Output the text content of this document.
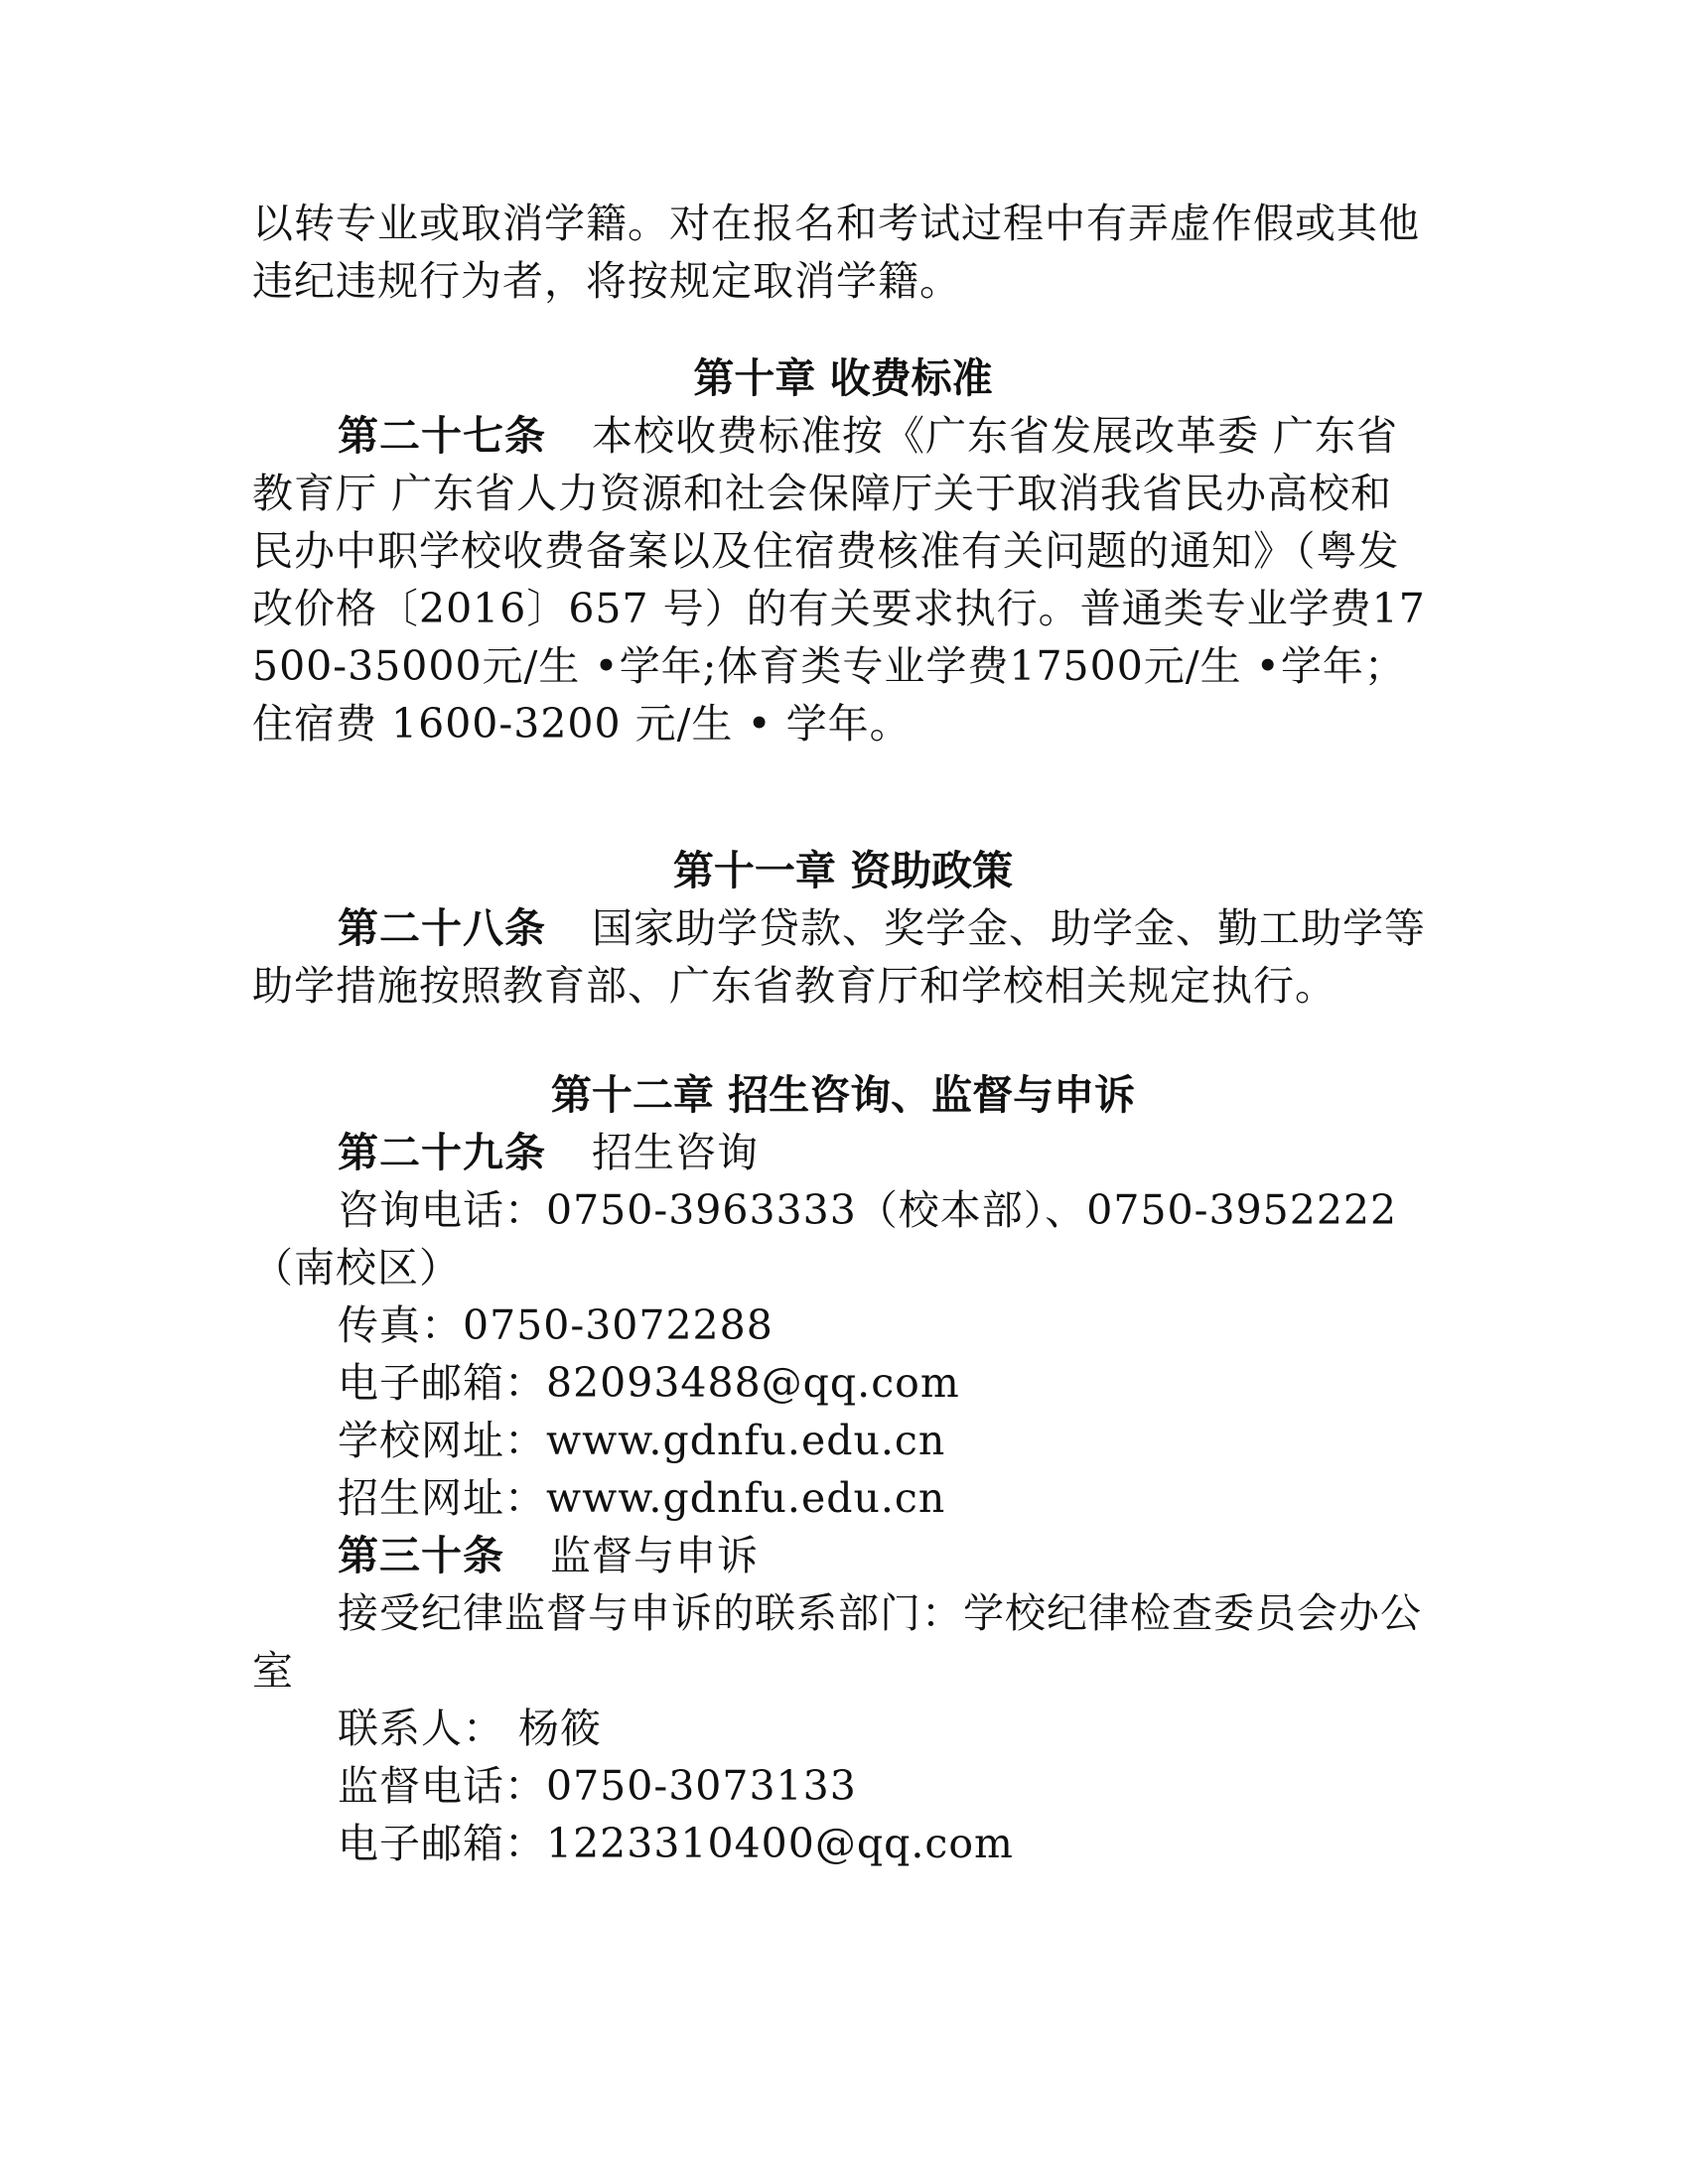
以转专业或取消学籍。对在报名和考试过程中有弄虚作假或其他违纪违规行为者，将按规定取消学籍。

第十章 收费标准

第二十七条 本校收费标准按《广东省发展改革委 广东省教育厅 广东省人力资源和社会保障厅关于取消我省民办高校和民办中职学校收费备案以及住宿费核准有关问题的通知》（粤发改价格〔2016〕657 号）的有关要求执行。普通类专业学费17500-35000元/生 •学年;体育类专业学费17500元/生 •学年；住宿费 1600-3200 元/生 • 学年。

第十一章 资助政策

第二十八条 国家助学贷款、奖学金、助学金、勤工助学等助学措施按照教育部、广东省教育厅和学校相关规定执行。

第十二章 招生咨询、监督与申诉

第二十九条 招生咨询

咨询电话：0750-3963333（校本部）、0750-3952222（南校区）

传真：0750-3072288

电子邮箱：82093488@qq.com

学校网址：www.gdnfu.edu.cn

招生网址：www.gdnfu.edu.cn

第三十条 监督与申诉

接受纪律监督与申诉的联系部门：学校纪律检查委员会办公室

联系人： 杨筱

监督电话：0750-3073133

电子邮箱：1223310400@qq.com
